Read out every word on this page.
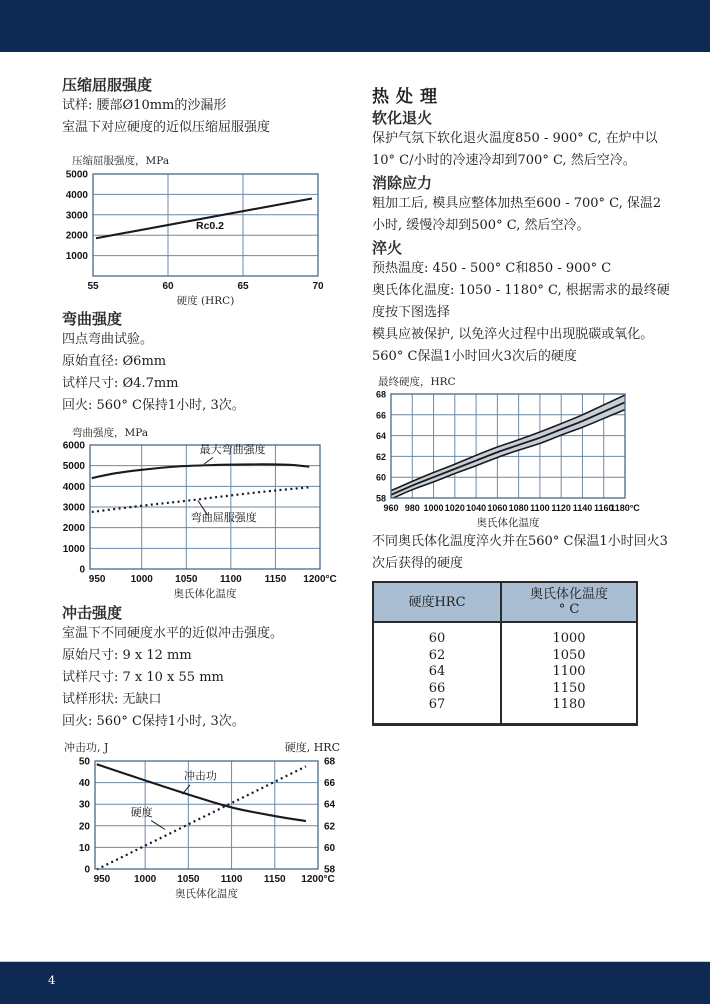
压缩屈服强度

试样: 腰部Ø10mm的沙漏形

室温下对应硬度的近似压缩屈服强度

压缩屈服强度，MPa
55	60	65	70
1000
2000
3000
4000
5000
硬度 (HRC)
Rc0.2
弯曲强度

四点弯曲试验。

原始直径: Ø6mm

试样尺寸: Ø4.7mm

回火: 560° C保持1小时, 3次。

弯曲强度，MPa
950	1000 1050 1100 1150 1200°C
0
1000
2000
3000
4000
5000
6000
奥氏体化温度
最大弯曲强度
弯曲屈服强度
冲击强度

室温下不同硬度水平的近似冲击强度。

原始尺寸: 9 x 12 mm

试样尺寸: 7 x 10 x 55 mm

试样形状: 无缺口

回火: 560° C保持1小时, 3次。

冲击功, J	硬度, HRC
950 1000 1050 1100 1150 1200°C
0
10
20
30
40
50
58
60
62
64
66
68
奥氏体化温度
冲击功
硬度
热处理
软化退火

保护气氛下软化退火温度850 - 900° C, 在炉中以10° C/小时的冷速冷却到700° C, 然后空冷。

消除应力

粗加工后, 模具应整体加热至600 - 700° C, 保温2小时, 缓慢冷却到500° C, 然后空冷。

淬火

预热温度: 450 - 500° C和850 - 900° C

奥氏体化温度: 1050 - 1180° C, 根据需求的最终硬度按下图选择

模具应被保护, 以免淬火过程中出现脱碳或氧化。

560° C保温1小时回火3次后的硬度

最终硬度，HRC
960 980 1000 1020 1040 1060 1080 1100 1120 1140 1160
1180°C
58
60
62
64
66
68
奥氏体化温度

不同奥氏体化温度淬火并在560° C保温1小时回火3次后获得的硬度

硬度HRC	奥氏体化温度
° C

60	1000
62	1050
64	1100
66	1150
67	1180
4
